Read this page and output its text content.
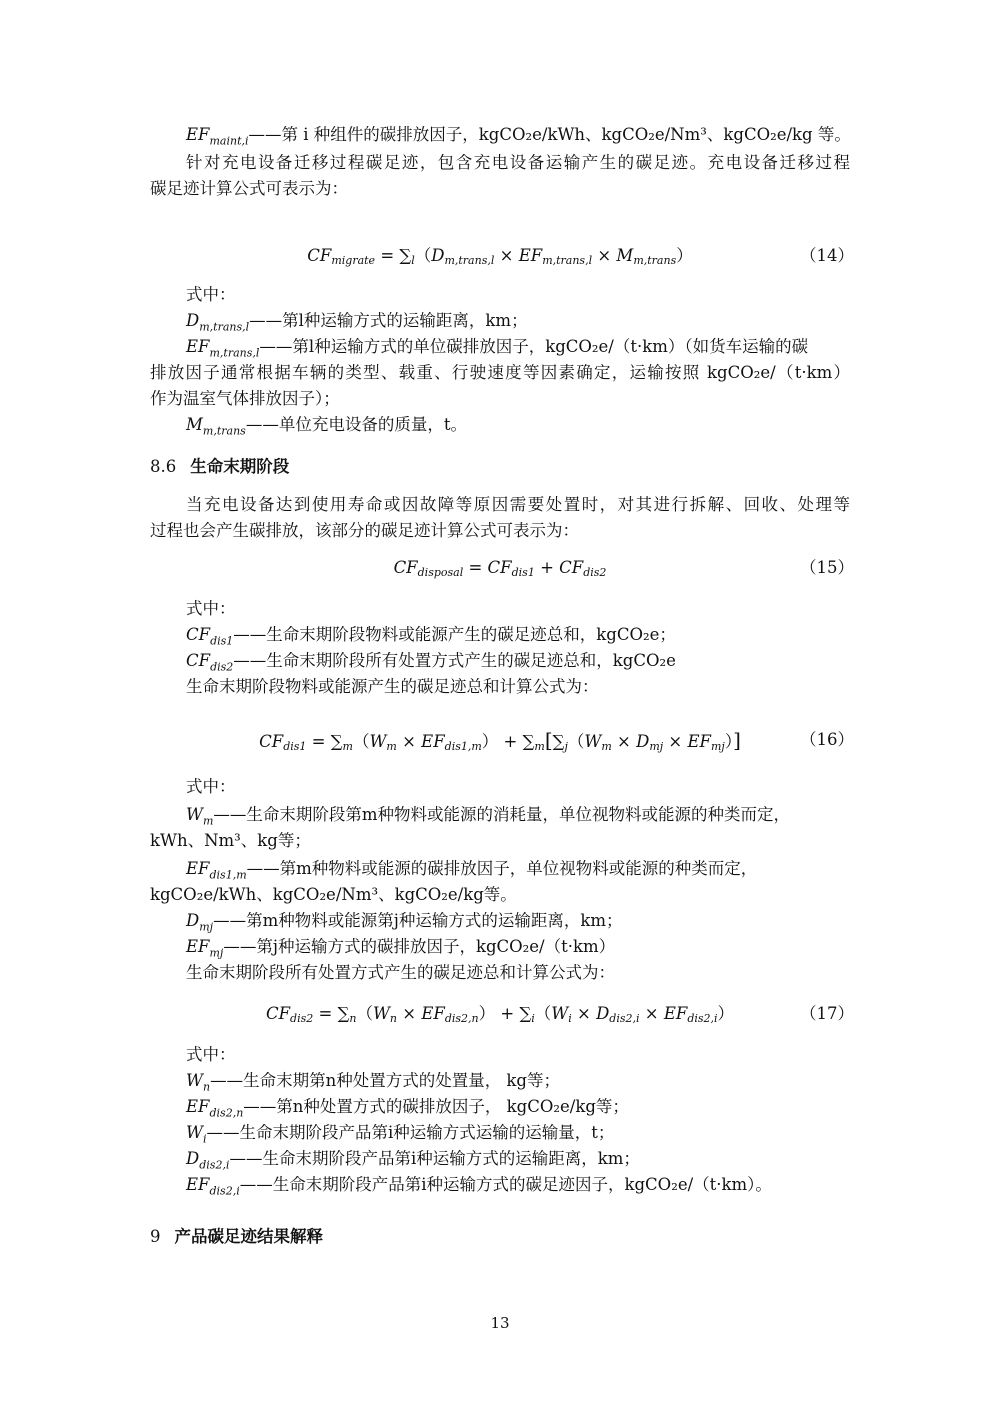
$EF_{maint,i}——$第 i 种组件的碳排放因子，kgCO₂e/kWh、kgCO₂e/Nm³、kgCO₂e/kg 等。
针对充电设备迁移过程碳足迹，包含充电设备运输产生的碳足迹。充电设备迁移过程
碳足迹计算公式可表示为：
$CF_{migrate} = \sum_l(D_{m,trans,l} \times EF_{m,trans,l} \times M_{m,trans})$	（14）
式中：
$D_{m,trans,l}——$第l种运输方式的运输距离，km；
$EF_{m,trans,l}——$第l种运输方式的单位碳排放因子，kgCO₂e/（t·km）（如货车运输的碳
排放因子通常根据车辆的类型、载重、行驶速度等因素确定，运输按照 kgCO₂e/（t·km）
作为温室气体排放因子）；
$M_{m,trans}——$单位充电设备的质量，t。
8.6 生命末期阶段
当充电设备达到使用寿命或因故障等原因需要处置时，对其进行拆解、回收、处理等
过程也会产生碳排放，该部分的碳足迹计算公式可表示为：
$CF_{disposal} = CF_{dis1} + CF_{dis2}$	（15）
式中：
$CF_{dis1}——$生命末期阶段物料或能源产生的碳足迹总和，kgCO₂e；
$CF_{dis2}——$生命末期阶段所有处置方式产生的碳足迹总和，kgCO₂e
生命末期阶段物料或能源产生的碳足迹总和计算公式为：
$CF_{dis1} = \sum_m(W_m \times EF_{dis1,m}) + \sum_m[\sum_j(W_m \times D_{mj} \times EF_{mj})]$	（16）
式中：
$W_m——$生命末期阶段第m种物料或能源的消耗量，单位视物料或能源的种类而定，
kWh、Nm³、kg等；
$EF_{dis1,m}——$第m种物料或能源的碳排放因子，单位视物料或能源的种类而定，
kgCO₂e/kWh、kgCO₂e/Nm³、kgCO₂e/kg等。
$D_{mj}——$第m种物料或能源第j种运输方式的运输距离，km；
$EF_{mj}——$第j种运输方式的碳排放因子，kgCO₂e/（t·km）
生命末期阶段所有处置方式产生的碳足迹总和计算公式为：
$CF_{dis2} = \sum_n(W_n \times EF_{dis2,n}) + \sum_i(W_i \times D_{dis2,i} \times EF_{dis2,i})$	（17）
式中：
$W_n——$生命末期第n种处置方式的处置量， kg等；
$EF_{dis2,n}——$第n种处置方式的碳排放因子， kgCO₂e/kg等；
$W_i——$生命末期阶段产品第i种运输方式运输的运输量，t；
$D_{dis2,i}——$生命末期阶段产品第i种运输方式的运输距离，km；
$EF_{dis2,i}——$生命末期阶段产品第i种运输方式的碳足迹因子，kgCO₂e/（t·km）。
9 产品碳足迹结果解释
13
